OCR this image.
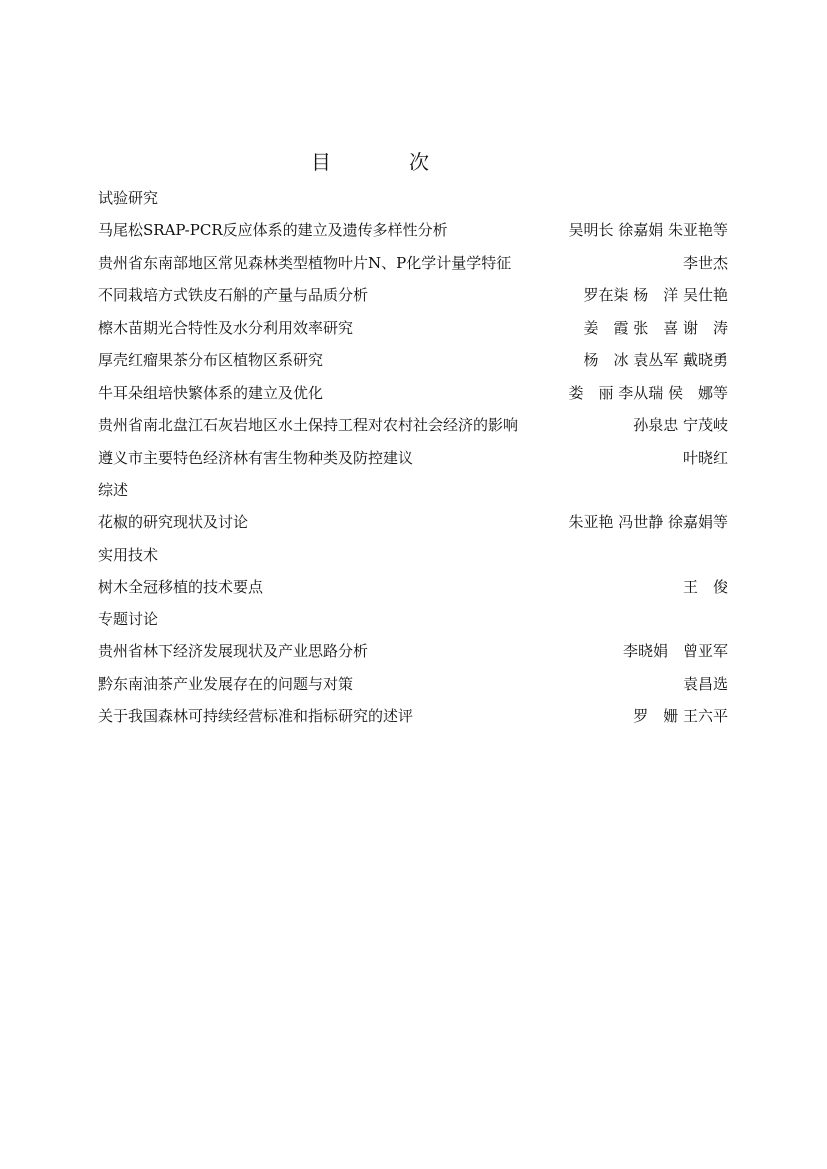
目	次
试验研究
马尾松SRAP-PCR反应体系的建立及遗传多样性分析	吴明长 徐嘉娟 朱亚艳等
贵州省东南部地区常见森林类型植物叶片N、P化学计量学特征	李世杰
不同栽培方式铁皮石斛的产量与品质分析	罗在柒 杨　洋 吴仕艳
檫木苗期光合特性及水分利用效率研究	姜　霞 张　喜 谢　涛
厚壳红瘤果茶分布区植物区系研究	杨　冰 袁丛军 戴晓勇
牛耳朵组培快繁体系的建立及优化	娄　丽 李从瑞 侯　娜等
贵州省南北盘江石灰岩地区水土保持工程对农村社会经济的影响	孙泉忠 宁茂岐
遵义市主要特色经济林有害生物种类及防控建议	叶晓红
综述
花椒的研究现状及讨论	朱亚艳 冯世静 徐嘉娟等
实用技术
树木全冠移植的技术要点	王　俊
专题讨论
贵州省林下经济发展现状及产业思路分析	李晓娟　曾亚军
黔东南油茶产业发展存在的问题与对策	袁昌选
关于我国森林可持续经营标准和指标研究的述评	罗　姗 王六平
